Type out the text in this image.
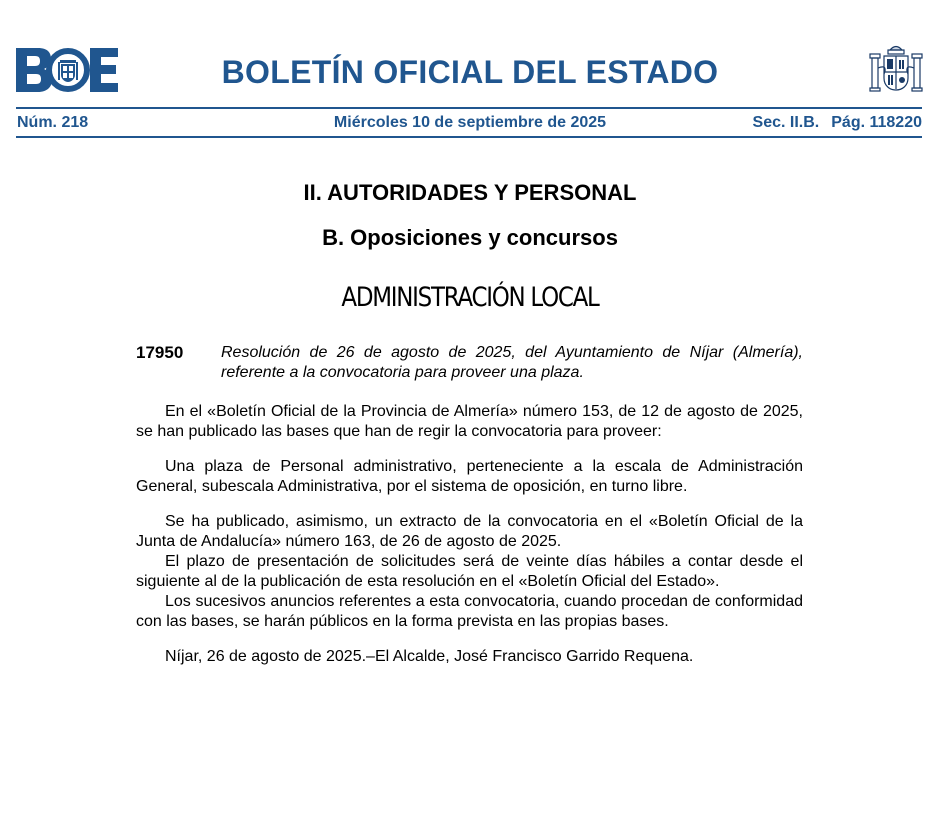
BOLETÍN OFICIAL DEL ESTADO
Núm. 218	Miércoles 10 de septiembre de 2025	Sec. II.B. Pág. 118220
II. AUTORIDADES Y PERSONAL
B. Oposiciones y concursos
ADMINISTRACIÓN LOCAL
17950	Resolución de 26 de agosto de 2025, del Ayuntamiento de Níjar (Almería), referente a la convocatoria para proveer una plaza.

En el «Boletín Oficial de la Provincia de Almería» número 153, de 12 de agosto de 2025, se han publicado las bases que han de regir la convocatoria para proveer:

Una plaza de Personal administrativo, perteneciente a la escala de Administración General, subescala Administrativa, por el sistema de oposición, en turno libre.

Se ha publicado, asimismo, un extracto de la convocatoria en el «Boletín Oficial de la Junta de Andalucía» número 163, de 26 de agosto de 2025.

El plazo de presentación de solicitudes será de veinte días hábiles a contar desde el siguiente al de la publicación de esta resolución en el «Boletín Oficial del Estado».

Los sucesivos anuncios referentes a esta convocatoria, cuando procedan de conformidad con las bases, se harán públicos en la forma prevista en las propias bases.

Níjar, 26 de agosto de 2025.–El Alcalde, José Francisco Garrido Requena.
